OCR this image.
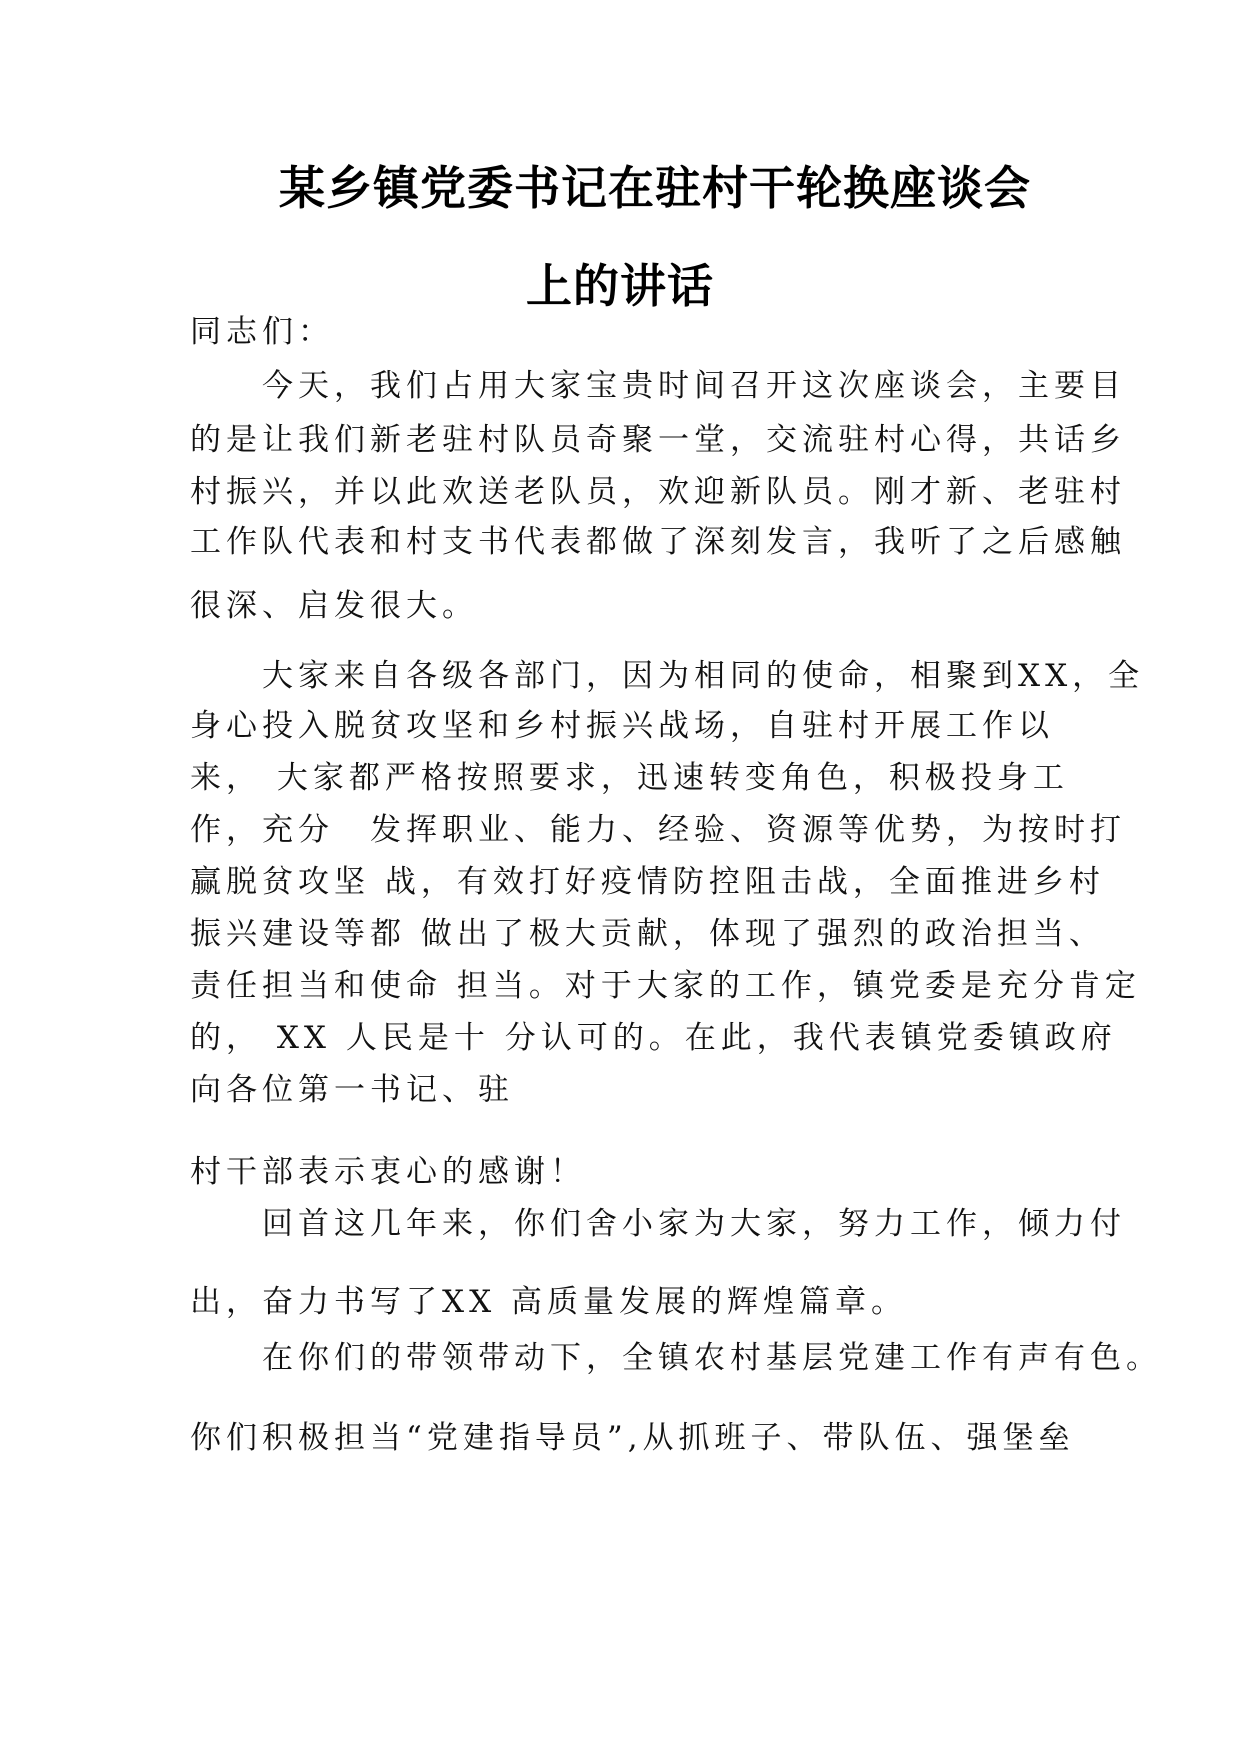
某乡镇党委书记在驻村干轮换座谈会
上的讲话
同志们：
　　今天，我们占用大家宝贵时间召开这次座谈会，主要目
的是让我们新老驻村队员奇聚一堂，交流驻村心得，共话乡
村振兴，并以此欢送老队员，欢迎新队员。刚才新、老驻村
工作队代表和村支书代表都做了深刻发言，我听了之后感触
很深、启发很大。
　　大家来自各级各部门，因为相同的使命，相聚到XX，全
身心投入脱贫攻坚和乡村振兴战场，自驻村开展工作以
来， 大家都严格按照要求，迅速转变角色，积极投身工
作，充分　发挥职业、能力、经验、资源等优势，为按时打
赢脱贫攻坚 战，有效打好疫情防控阻击战，全面推进乡村
振兴建设等都 做出了极大贡献，体现了强烈的政治担当、
责任担当和使命 担当。对于大家的工作，镇党委是充分肯定
的， XX 人民是十 分认可的。在此，我代表镇党委镇政府
向各位第一书记、驻
村干部表示衷心的感谢！
　　回首这几年来，你们舍小家为大家，努力工作，倾力付
出，奋力书写了XX 高质量发展的辉煌篇章。
　　在你们的带领带动下，全镇农村基层党建工作有声有色。
你们积极担当“党建指导员”,从抓班子、带队伍、强堡垒
